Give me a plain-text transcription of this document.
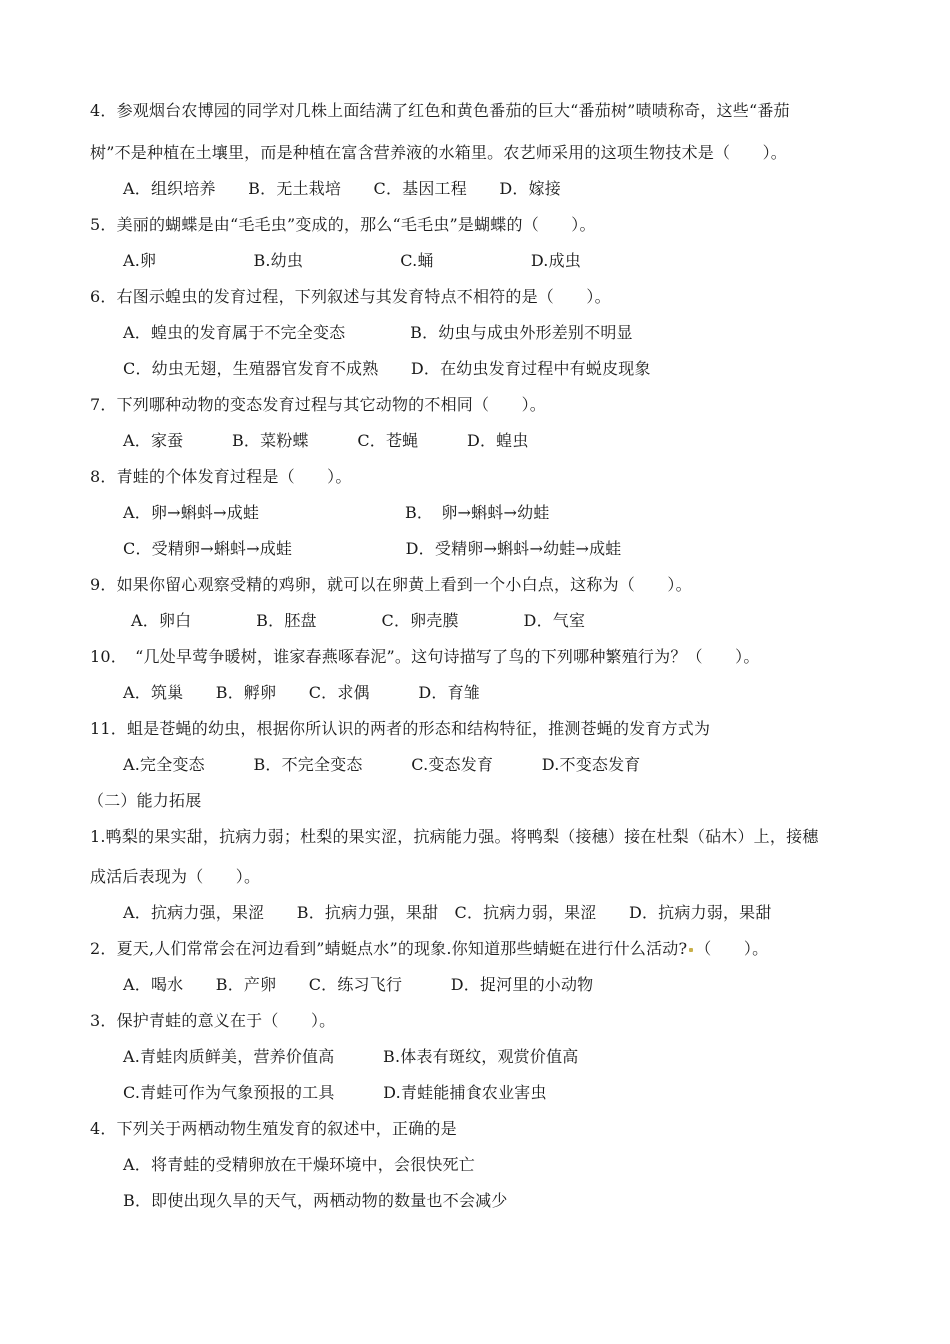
4．参观烟台农博园的同学对几株上面结满了红色和黄色番茄的巨大“番茄树”啧啧称奇，这些“番茄
树”不是种植在土壤里，而是种植在富含营养液的水箱里。农艺师采用的这项生物技术是（　　）。
A．组织培养　　B．无土栽培　　C．基因工程　　D．嫁接
5．美丽的蝴蝶是由“毛毛虫”变成的，那么“毛毛虫”是蝴蝶的（　　）。
A.卵　　　　　　B.幼虫　　　　　　C.蛹　　　　　　D.成虫
6．右图示蝗虫的发育过程，下列叙述与其发育特点不相符的是（　　）。
A．蝗虫的发育属于不完全变态　　　　B．幼虫与成虫外形差别不明显
C．幼虫无翅，生殖器官发育不成熟　　D．在幼虫发育过程中有蜕皮现象
7．下列哪种动物的变态发育过程与其它动物的不相同（　　）。
A．家蚕　　　B．菜粉蝶　　　C．苍蝇　　　D．蝗虫
8．青蛙的个体发育过程是（　　）。
A．卵→蝌蚪→成蛙　　　　　　　　　B．　卵→蝌蚪→幼蛙
C．受精卵→蝌蚪→成蛙　　　　　　　D．受精卵→蝌蚪→幼蛙→成蛙
9．如果你留心观察受精的鸡卵，就可以在卵黄上看到一个小白点，这称为（　　）。
A．卵白　　　　B．胚盘　　　　C．卵壳膜　　　　D．气室
10．　“几处早莺争暖树，谁家春燕啄春泥”。这句诗描写了鸟的下列哪种繁殖行为？（　　）。
A．筑巢　　B．孵卵　　C．求偶　　　D．育雏
11．蛆是苍蝇的幼虫，根据你所认识的两者的形态和结构特征，推测苍蝇的发育方式为
A.完全变态　　　B．不完全变态　　　C.变态发育　　　D.不变态发育
（二）能力拓展
1.鸭梨的果实甜，抗病力弱；杜梨的果实涩，抗病能力强。将鸭梨（接穗）接在杜梨（砧木）上，接穗
成活后表现为（　　）。
A．抗病力强，果涩　　B．抗病力强，果甜　C．抗病力弱，果涩　　D．抗病力弱，果甜
2．夏天,人们常常会在河边看到”蜻蜓点水”的现象.你知道那些蜻蜓在进行什么活动? （　　）。
A．喝水　　B．产卵　　C．练习飞行　　　D．捉河里的小动物
3．保护青蛙的意义在于（　　）。
A.青蛙肉质鲜美，营养价值高　　　B.体表有斑纹，观赏价值高
C.青蛙可作为气象预报的工具　　　D.青蛙能捕食农业害虫
4．下列关于两栖动物生殖发育的叙述中，正确的是
A．将青蛙的受精卵放在干燥环境中，会很快死亡
B．即使出现久旱的天气，两栖动物的数量也不会减少
